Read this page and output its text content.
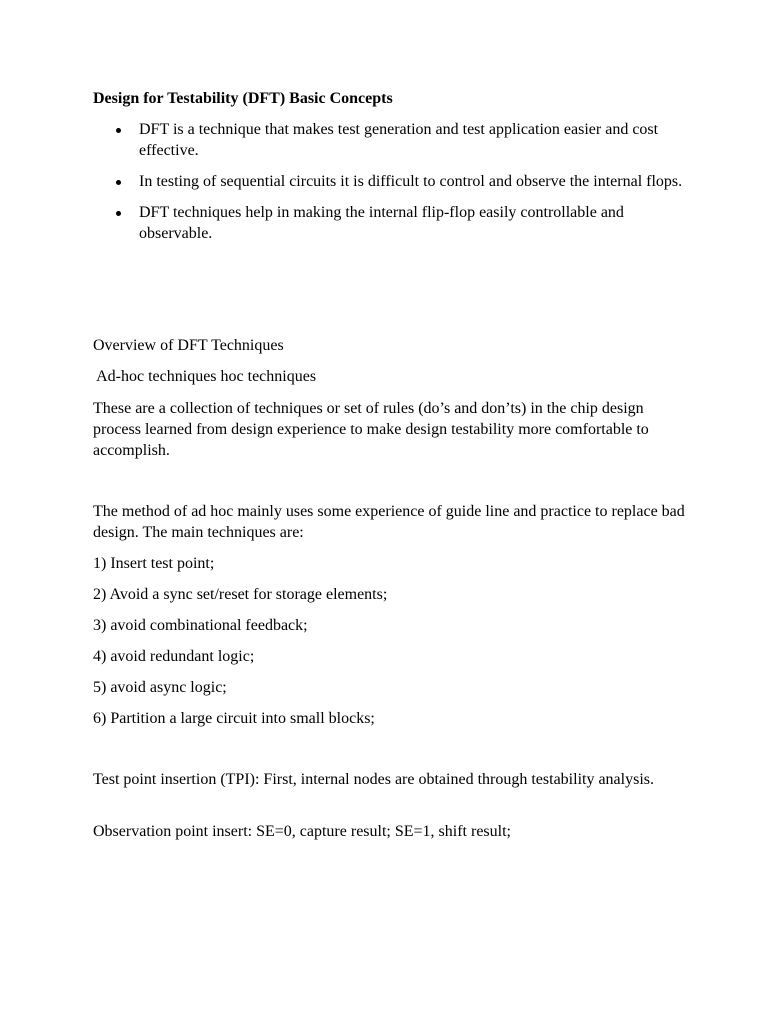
Design for Testability (DFT) Basic Concepts

DFT is a technique that makes test generation and test application easier and cost effective.
In testing of sequential circuits it is difficult to control and observe the internal flops.
DFT techniques help in making the internal flip-flop easily controllable and observable.

Overview of DFT Techniques

Ad-hoc techniques hoc techniques

These are a collection of techniques or set of rules (do’s and don’ts) in the chip design process learned from design experience to make design testability more comfortable to accomplish.

The method of ad hoc mainly uses some experience of guide line and practice to replace bad design. The main techniques are:

1) Insert test point;
2) Avoid a sync set/reset for storage elements;
3) avoid combinational feedback;
4) avoid redundant logic;
5) avoid async logic;
6) Partition a large circuit into small blocks;

Test point insertion (TPI): First, internal nodes are obtained through testability analysis.

Observation point insert: SE=0, capture result; SE=1, shift result;
